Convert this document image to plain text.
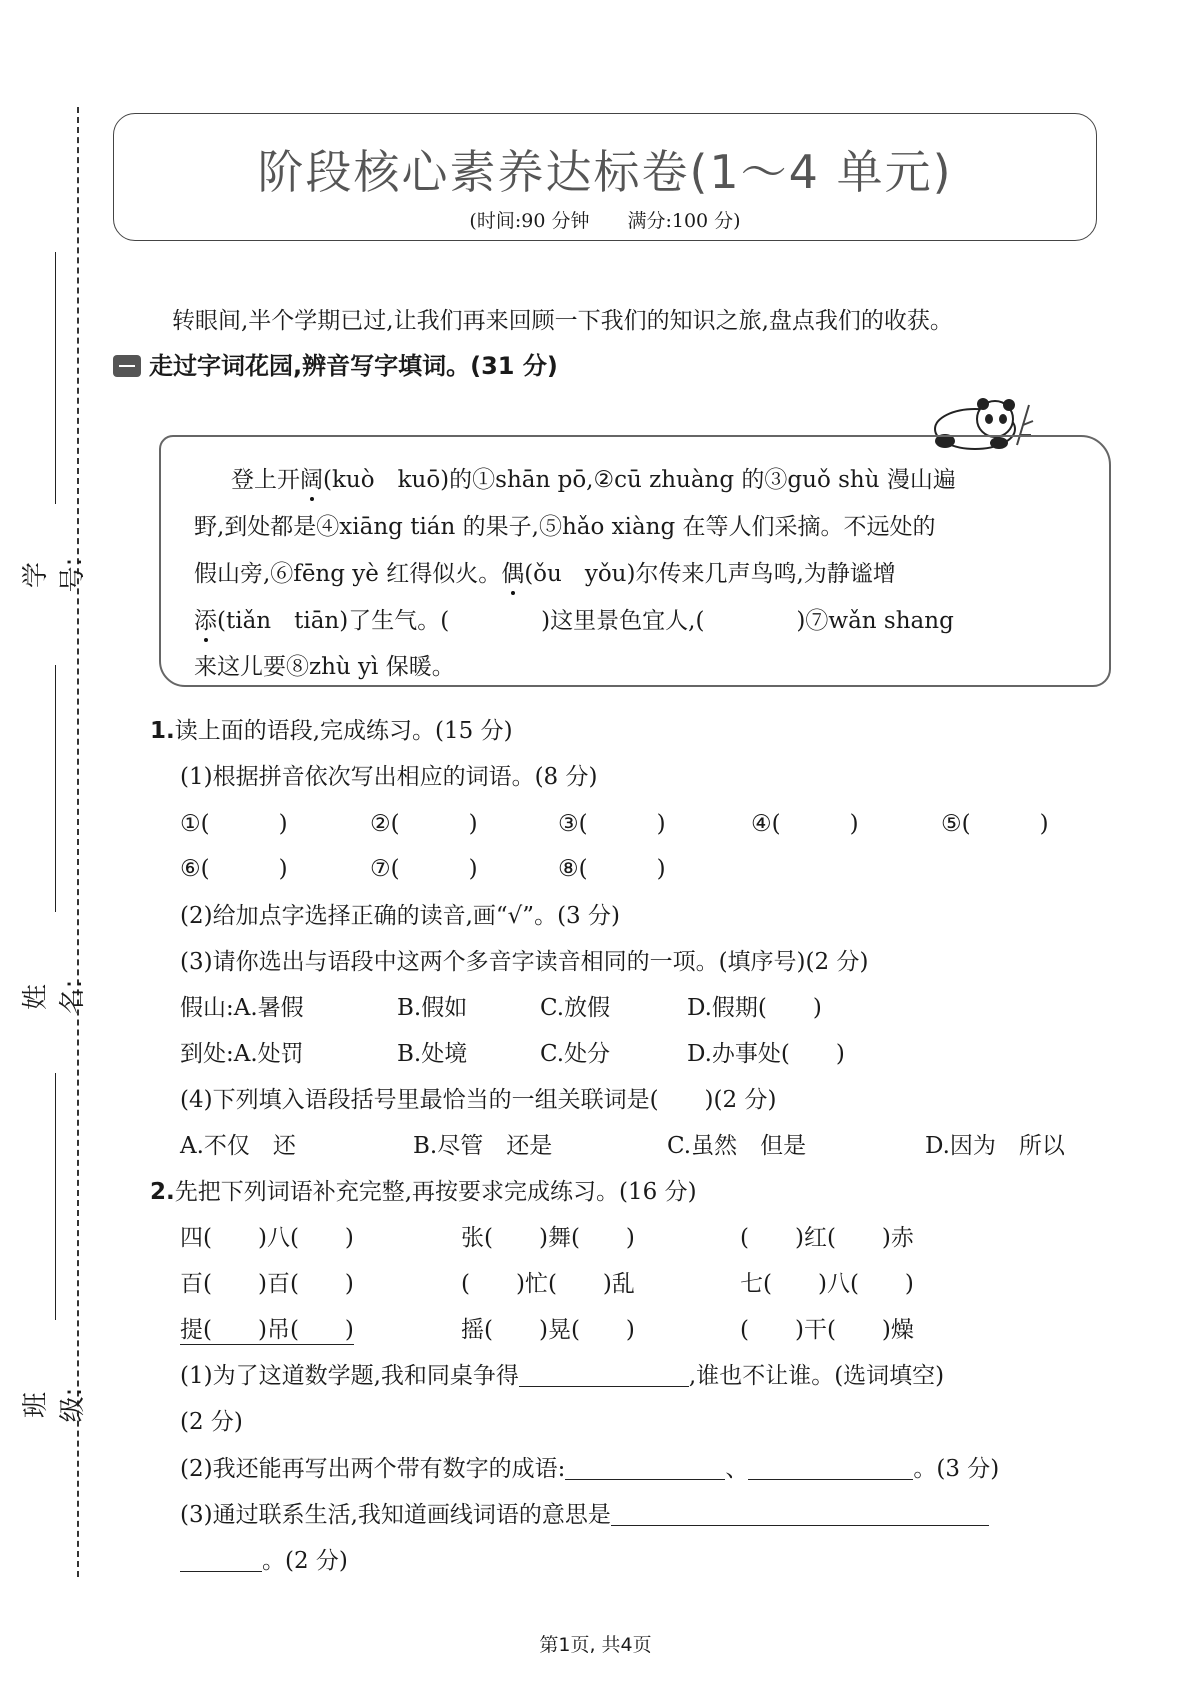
学号:
姓名:
班级:
阶段核心素养达标卷(1～4 单元)
(时间:90 分钟　　满分:100 分)
转眼间,半个学期已过,让我们再来回顾一下我们的知识之旅,盘点我们的收获。
走过字词花园,辨音写字填词。(31 分)
登上开阔(kuò　kuō)的①shān pō,②cū zhuàng 的③guǒ shù 漫山遍
野,到处都是④xiāng tián 的果子,⑤hǎo xiàng 在等人们采摘。不远处的
假山旁,⑥fēng yè 红得似火。偶(ǒu　yǒu)尔传来几声鸟鸣,为静谧增
添(tiǎn　tiān)了生气。(　　　　)这里景色宜人,(　　　　)⑦wǎn shang
来这儿要⑧zhù yì 保暖。
1.读上面的语段,完成练习。(15 分)
(1)根据拼音依次写出相应的词语。(8 分)
①(　　　)	②(　　　)	③(　　　)	④(　　　)	⑤(　　　)
⑥(　　　)	⑦(　　　)	⑧(　　　)
(2)给加点字选择正确的读音,画“√”。(3 分)
(3)请你选出与语段中这两个多音字读音相同的一项。(填序号)(2 分)
假山:A.暑假	B.假如	C.放假	D.假期(　　)
到处:A.处罚	B.处境	C.处分	D.办事处(　　)
(4)下列填入语段括号里最恰当的一组关联词是(　　)(2 分)
A.不仅　还	B.尽管　还是	C.虽然　但是	D.因为　所以
2.先把下列词语补充完整,再按要求完成练习。(16 分)
四(　　)八(　　)	张(　　)舞(　　)	(　　)红(　　)赤
百(　　)百(　　)	(　　)忙(　　)乱	七(　　)八(　　)
提(　　)吊(　　)	摇(　　)晃(　　)	(　　)干(　　)燥
(1)为了这道数学题,我和同桌争得	,谁也不让谁。(选词填空)
(2 分)
(2)我还能再写出两个带有数字的成语:	、	。(3 分)
(3)通过联系生活,我知道画线词语的意思是
。(2 分)
第1页, 共4页
